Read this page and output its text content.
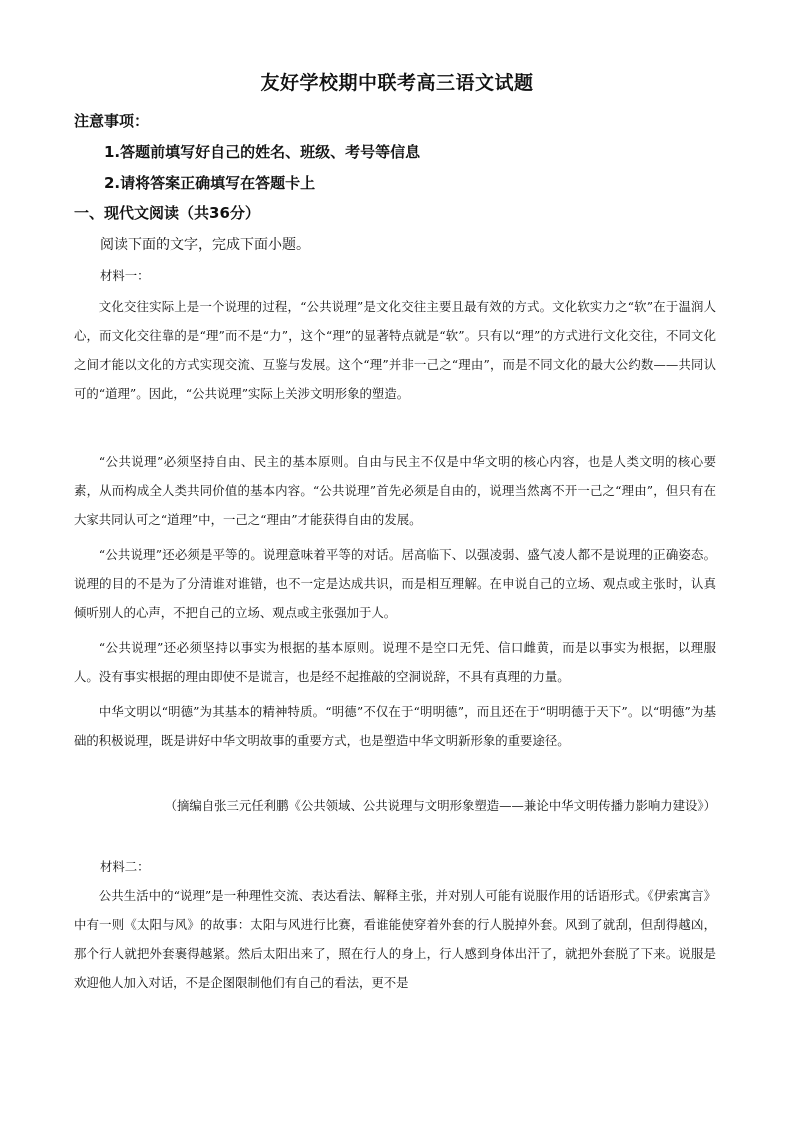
友好学校期中联考高三语文试题
注意事项：
1.答题前填写好自己的姓名、班级、考号等信息
2.请将答案正确填写在答题卡上
一、现代文阅读（共36分）
阅读下面的文字，完成下面小题。
材料一：
文化交往实际上是一个说理的过程，“公共说理”是文化交往主要且最有效的方式。文化软实力之“软”在于温润人心，而文化交往靠的是“理”而不是“力”，这个“理”的显著特点就是“软”。只有以“理”的方式进行文化交往，不同文化之间才能以文化的方式实现交流、互鉴与发展。这个“理”并非一己之“理由”，而是不同文化的最大公约数——共同认可的“道理”。因此，“公共说理”实际上关涉文明形象的塑造。
“公共说理”必须坚持自由、民主的基本原则。自由与民主不仅是中华文明的核心内容，也是人类文明的核心要素，从而构成全人类共同价值的基本内容。“公共说理”首先必须是自由的，说理当然离不开一己之“理由”，但只有在大家共同认可之“道理”中，一己之“理由”才能获得自由的发展。
“公共说理”还必须是平等的。说理意味着平等的对话。居高临下、以强凌弱、盛气凌人都不是说理的正确姿态。说理的目的不是为了分清谁对谁错，也不一定是达成共识，而是相互理解。在申说自己的立场、观点或主张时，认真倾听别人的心声，不把自己的立场、观点或主张强加于人。
“公共说理”还必须坚持以事实为根据的基本原则。说理不是空口无凭、信口雌黄，而是以事实为根据，以理服人。没有事实根据的理由即使不是谎言，也是经不起推敲的空洞说辞，不具有真理的力量。
中华文明以“明德”为其基本的精神特质。“明德”不仅在于“明明德”，而且还在于“明明德于天下”。以“明德”为基础的积极说理，既是讲好中华文明故事的重要方式，也是塑造中华文明新形象的重要途径。
（摘编自张三元任利鹏《公共领域、公共说理与文明形象塑造——兼论中华文明传播力影响力建设》）
材料二：
公共生活中的“说理”是一种理性交流、表达看法、解释主张，并对别人可能有说服作用的话语形式。《伊索寓言》中有一则《太阳与风》的故事：太阳与风进行比赛，看谁能使穿着外套的行人脱掉外套。风到了就刮，但刮得越凶，那个行人就把外套裹得越紧。然后太阳出来了，照在行人的身上，行人感到身体出汗了，就把外套脱了下来。说服是欢迎他人加入对话，不是企图限制他们有自己的看法，更不是
